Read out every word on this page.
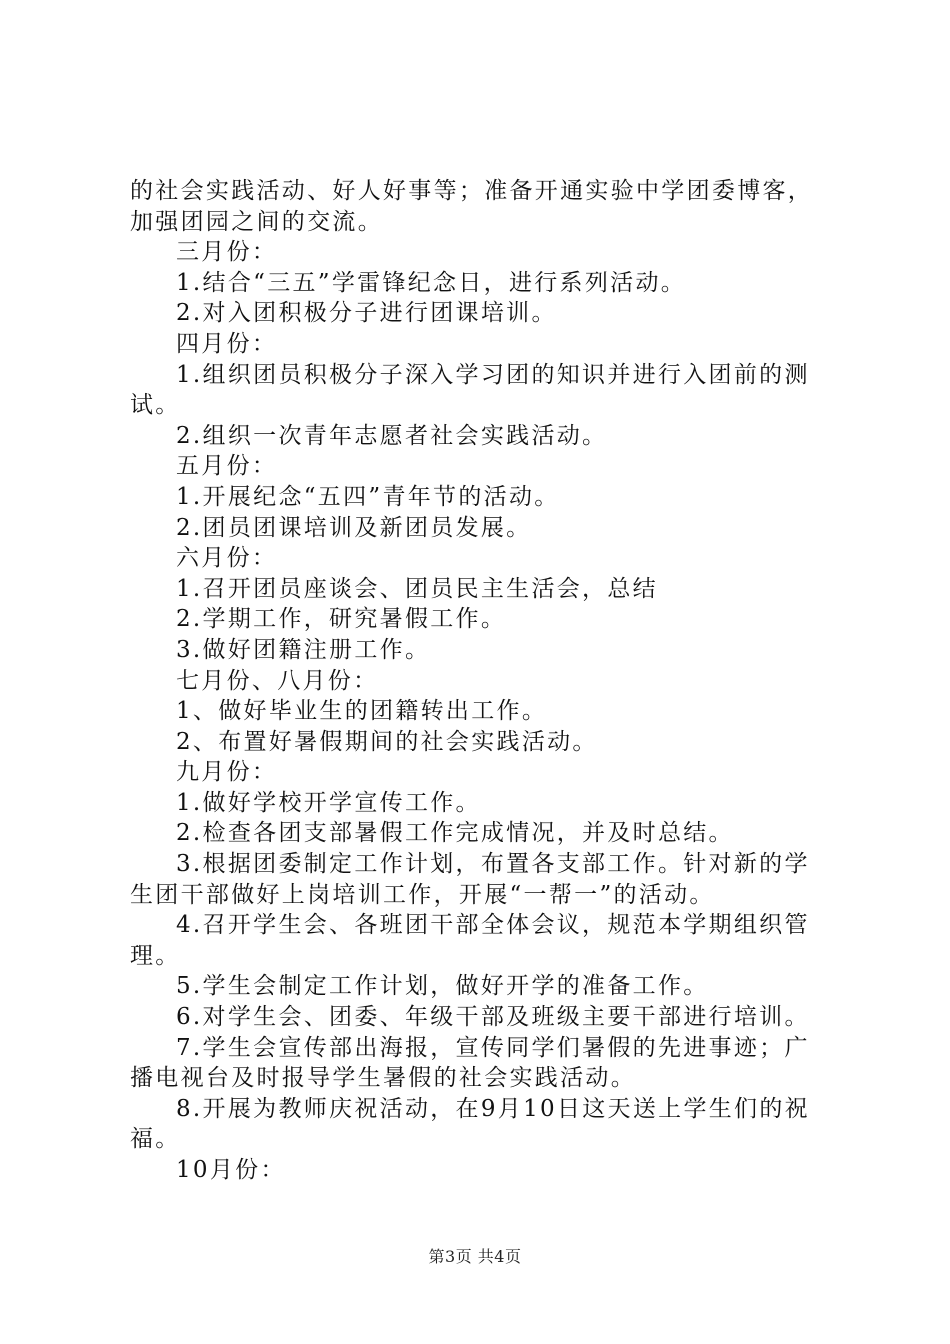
的社会实践活动、好人好事等；准备开通实验中学团委博客，
加强团园之间的交流。
三月份：
1.结合“三五”学雷锋纪念日，进行系列活动。
2.对入团积极分子进行团课培训。
四月份：
1.组织团员积极分子深入学习团的知识并进行入团前的测
试。
2.组织一次青年志愿者社会实践活动。
五月份：
1.开展纪念“五四”青年节的活动。
2.团员团课培训及新团员发展。
六月份：
1.召开团员座谈会、团员民主生活会，总结
2.学期工作，研究暑假工作。
3.做好团籍注册工作。
七月份、八月份：
1、做好毕业生的团籍转出工作。
2、布置好暑假期间的社会实践活动。
九月份：
1.做好学校开学宣传工作。
2.检查各团支部暑假工作完成情况，并及时总结。
3.根据团委制定工作计划，布置各支部工作。针对新的学
生团干部做好上岗培训工作，开展“一帮一”的活动。
4.召开学生会、各班团干部全体会议，规范本学期组织管
理。
5.学生会制定工作计划，做好开学的准备工作。
6.对学生会、团委、年级干部及班级主要干部进行培训。
7.学生会宣传部出海报，宣传同学们暑假的先进事迹；广
播电视台及时报导学生暑假的社会实践活动。
8.开展为教师庆祝活动，在9月10日这天送上学生们的祝
福。
10月份：
第3页 共4页
